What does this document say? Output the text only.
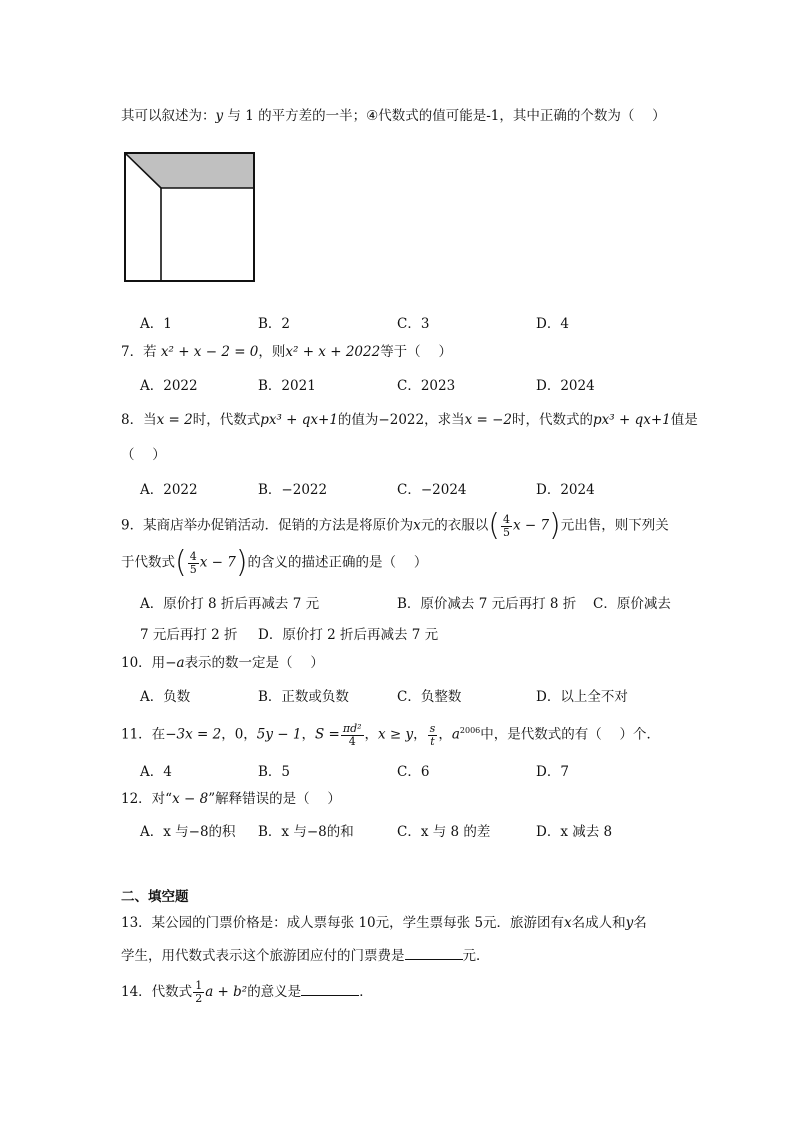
其可以叙述为：y 与 1 的平方差的一半；④代数式的值可能是-1，其中正确的个数为（　 ）
A．1	B．2	C．3	D．4
7．若 x² + x − 2 = 0，则x² + x + 2022等于（　 ）
A．2022	B．2021	C．2023	D．2024
8．当x = 2时，代数式px³ + qx+1的值为−2022，求当x = −2时，代数式的px³ + qx+1值是
（　 ）
A．2022	B．−2022	C．−2024	D．2024
9．某商店举办促销活动．促销的方法是将原价为x元的衣服以( $\frac{4}{5}$ x − 7)元出售，则下列关
于代数式( $\frac{4}{5}$ x − 7)的含义的描述正确的是（　 ）
A．原价打 8 折后再减去 7 元	B．原价减去 7 元后再打 8 折 C．原价减去
7 元后再打 2 折 D．原价打 2 折后再减去 7 元
10．用−a表示的数一定是（　 ）
A．负数	B．正数或负数	C．负整数	D．以上全不对
11．在−3x = 2，0，5y − 1，$S = \frac{\text{πd²}}{4}$ ，x ≥ y， $\frac{s}{t}$ ，$a^{2006}$中，是代数式的有（　 ）个．
A．4	B．5	C．6	D．7
12．对“x − 8”解释错误的是（　 ）
A．x 与−8的积 B．x 与−8的和	C．x 与 8 的差	D．x 减去 8
二、填空题
13．某公园的门票价格是：成人票每张 10元，学生票每张 5元．旅游团有x名成人和y名
学生，用代数式表示这个旅游团应付的门票费是	元．
14．代数式 $\frac{1}{2}$ a + b²的意义是	．
